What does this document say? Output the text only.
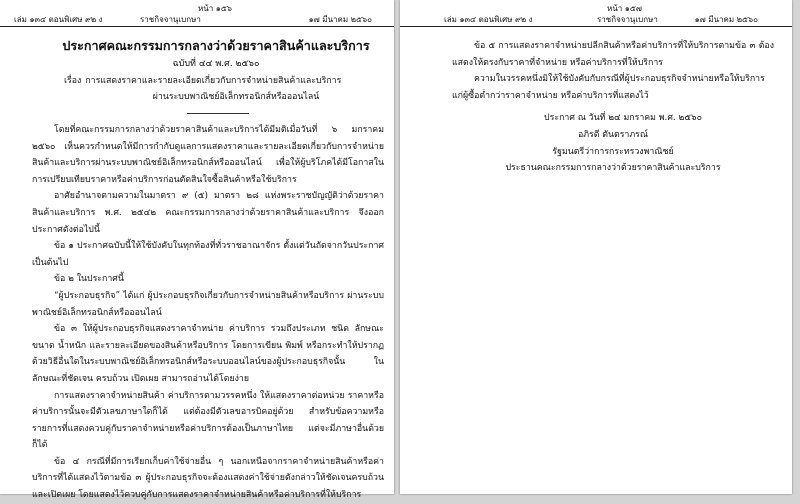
หน้า ๑๕๖
เล่ม ๑๓๔ ตอนพิเศษ ๙๒ ง	ราชกิจจานุเบกษา	๑๗ มีนาคม ๒๕๖๐
ประกาศคณะกรรมการกลางว่าด้วยราคาสินค้าและบริการ
ฉบับที่ ๔๔ พ.ศ. ๒๕๖๐
เรื่อง การแสดงราคาและรายละเอียดเกี่ยวกับการจำหน่ายสินค้าและบริการ
ผ่านระบบพาณิชย์อิเล็กทรอนิกส์หรือออนไลน์

โดยที่คณะกรรมการกลางว่าด้วยราคาสินค้าและบริการได้มีมติเมื่อวันที่ ๖ มกราคม ๒๕๖๐ เห็นควรกำหนดให้มีการกำกับดูแลการแสดงราคาและรายละเอียดเกี่ยวกับการจำหน่ายสินค้าและบริการผ่านระบบพาณิชย์อิเล็กทรอนิกส์หรือออนไลน์ เพื่อให้ผู้บริโภคได้มีโอกาสในการเปรียบเทียบราคาหรือค่าบริการก่อนตัดสินใจซื้อสินค้าหรือใช้บริการ

อาศัยอำนาจตามความในมาตรา ๙ (๕) มาตรา ๒๘ แห่งพระราชบัญญัติว่าด้วยราคาสินค้าและบริการ พ.ศ. ๒๕๔๒ คณะกรรมการกลางว่าด้วยราคาสินค้าและบริการ จึงออกประกาศดังต่อไปนี้

ข้อ ๑ ประกาศฉบับนี้ให้ใช้บังคับในทุกท้องที่ทั่วราชอาณาจักร ตั้งแต่วันถัดจากวันประกาศเป็นต้นไป

ข้อ ๒ ในประกาศนี้

“ผู้ประกอบธุรกิจ” ได้แก่ ผู้ประกอบธุรกิจเกี่ยวกับการจำหน่ายสินค้าหรือบริการ ผ่านระบบพาณิชย์อิเล็กทรอนิกส์หรือออนไลน์

ข้อ ๓ ให้ผู้ประกอบธุรกิจแสดงราคาจำหน่าย ค่าบริการ รวมถึงประเภท ชนิด ลักษณะ ขนาด น้ำหนัก และรายละเอียดของสินค้าหรือบริการ โดยการเขียน พิมพ์ หรือกระทำให้ปรากฏด้วยวิธีอื่นใดในระบบพาณิชย์อิเล็กทรอนิกส์หรือระบบออนไลน์ของผู้ประกอบธุรกิจนั้น ในลักษณะที่ชัดเจน ครบถ้วน เปิดเผย สามารถอ่านได้โดยง่าย

การแสดงราคาจำหน่ายสินค้า ค่าบริการตามวรรคหนึ่ง ให้แสดงราคาต่อหน่วย ราคาหรือค่าบริการนั้นจะมีตัวเลขภาษาใดก็ได้ แต่ต้องมีตัวเลขอารบิคอยู่ด้วย สำหรับข้อความหรือรายการที่แสดงควบคู่กับราคาจำหน่ายหรือค่าบริการต้องเป็นภาษาไทย แต่จะมีภาษาอื่นด้วยก็ได้

ข้อ ๔ กรณีที่มีการเรียกเก็บค่าใช้จ่ายอื่น ๆ นอกเหนือจากราคาจำหน่ายสินค้าหรือค่าบริการที่ได้แสดงไว้ตามข้อ ๓ ผู้ประกอบธุรกิจจะต้องแสดงค่าใช้จ่ายดังกล่าวให้ชัดเจนครบถ้วนและเปิดเผย โดยแสดงไว้ควบคู่กับการแสดงราคาจำหน่ายสินค้าหรือค่าบริการที่ให้บริการ

หน้า ๑๕๗
เล่ม ๑๓๔ ตอนพิเศษ ๙๒ ง	ราชกิจจานุเบกษา	๑๗ มีนาคม ๒๕๖๐

ข้อ ๕ การแสดงราคาจำหน่ายปลีกสินค้าหรือค่าบริการที่ให้บริการตามข้อ ๓ ต้องแสดงให้ตรงกับราคาที่จำหน่าย หรือค่าบริการที่ให้บริการ

ความในวรรคหนึ่งมิให้ใช้บังคับกับกรณีที่ผู้ประกอบธุรกิจจำหน่ายหรือให้บริการแก่ผู้ซื้อต่ำกว่าราคาจำหน่าย หรือค่าบริการที่แสดงไว้

ประกาศ ณ วันที่ ๒๔ มกราคม พ.ศ. ๒๕๖๐
อภิรดี ตันตราภรณ์
รัฐมนตรีว่าการกระทรวงพาณิชย์
ประธานคณะกรรมการกลางว่าด้วยราคาสินค้าและบริการ
